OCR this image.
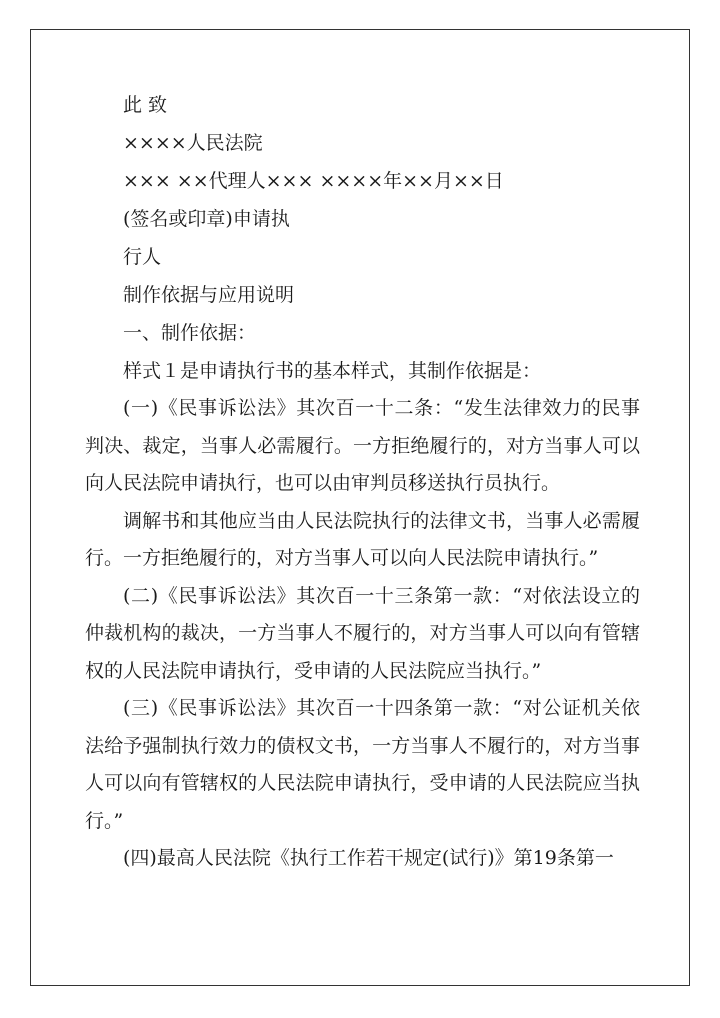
此 致
××××人民法院
××× ××代理人××× ××××年××月××日
(签名或印章)申请执
行人
制作依据与应用说明
一、制作依据：
样式１是申请执行书的基本样式，其制作依据是：

(一)《民事诉讼法》其次百一十二条：“发生法律效力的民事判决、裁定，当事人必需履行。一方拒绝履行的，对方当事人可以向人民法院申请执行，也可以由审判员移送执行员执行。

调解书和其他应当由人民法院执行的法律文书，当事人必需履行。一方拒绝履行的，对方当事人可以向人民法院申请执行。”

(二)《民事诉讼法》其次百一十三条第一款：“对依法设立的仲裁机构的裁决，一方当事人不履行的，对方当事人可以向有管辖权的人民法院申请执行，受申请的人民法院应当执行。”

(三)《民事诉讼法》其次百一十四条第一款：“对公证机关依法给予强制执行效力的债权文书，一方当事人不履行的，对方当事人可以向有管辖权的人民法院申请执行，受申请的人民法院应当执行。”

(四)最高人民法院《执行工作若干规定(试行)》第19条第一
